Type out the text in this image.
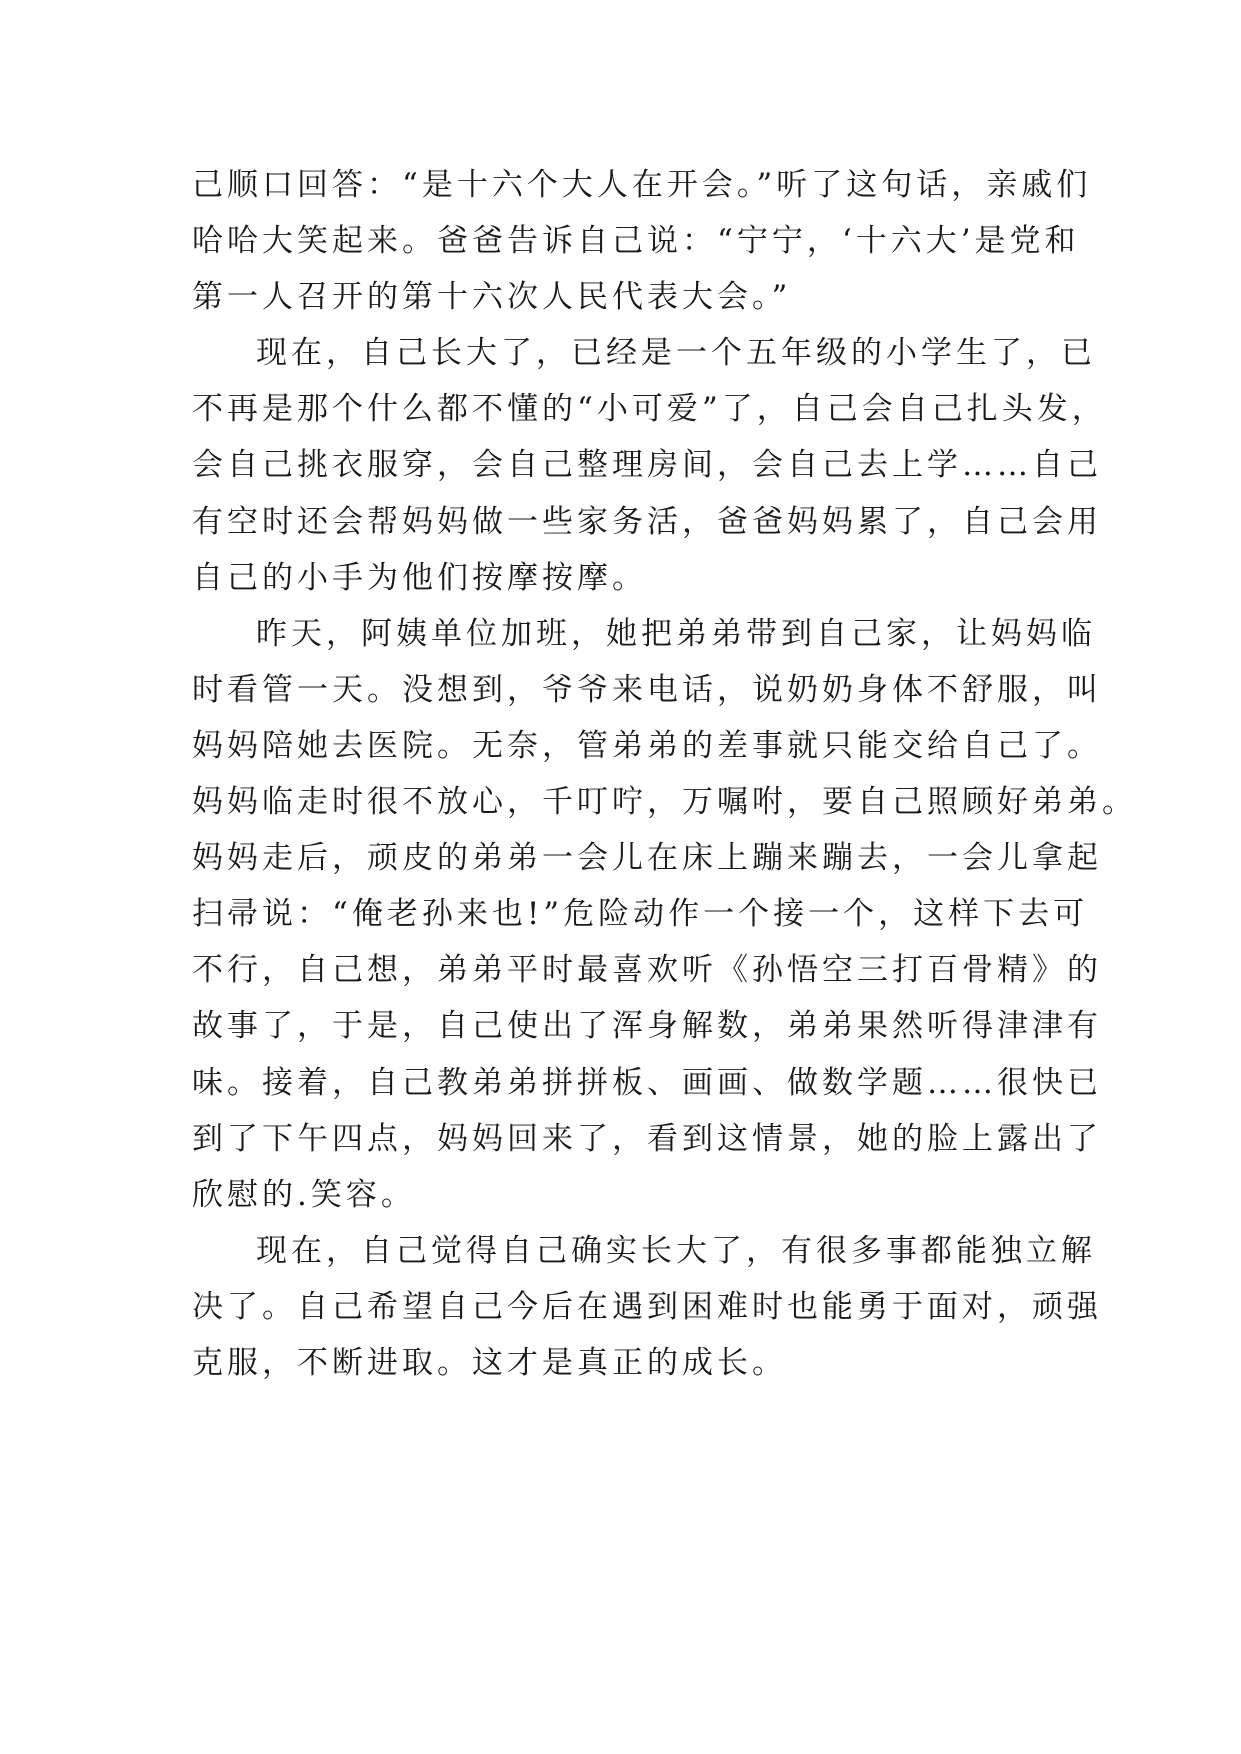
己顺口回答：“是十六个大人在开会。”听了这句话，亲戚们
哈哈大笑起来。爸爸告诉自己说：“宁宁，‘十六大’是党和
第一人召开的第十六次人民代表大会。”
现在，自己长大了，已经是一个五年级的小学生了，已
不再是那个什么都不懂的“小可爱”了，自己会自己扎头发，
会自己挑衣服穿，会自己整理房间，会自己去上学……自己
有空时还会帮妈妈做一些家务活，爸爸妈妈累了，自己会用
自己的小手为他们按摩按摩。
昨天，阿姨单位加班，她把弟弟带到自己家，让妈妈临
时看管一天。没想到，爷爷来电话，说奶奶身体不舒服，叫
妈妈陪她去医院。无奈，管弟弟的差事就只能交给自己了。
妈妈临走时很不放心，千叮咛，万嘱咐，要自己照顾好弟弟。
妈妈走后，顽皮的弟弟一会儿在床上蹦来蹦去，一会儿拿起
扫帚说：“俺老孙来也!”危险动作一个接一个，这样下去可
不行，自己想，弟弟平时最喜欢听《孙悟空三打百骨精》的
故事了，于是，自己使出了浑身解数，弟弟果然听得津津有
味。接着，自己教弟弟拼拼板、画画、做数学题……很快已
到了下午四点，妈妈回来了，看到这情景，她的脸上露出了
欣慰的.笑容。
现在，自己觉得自己确实长大了，有很多事都能独立解
决了。自己希望自己今后在遇到困难时也能勇于面对，顽强
克服，不断进取。这才是真正的成长。
